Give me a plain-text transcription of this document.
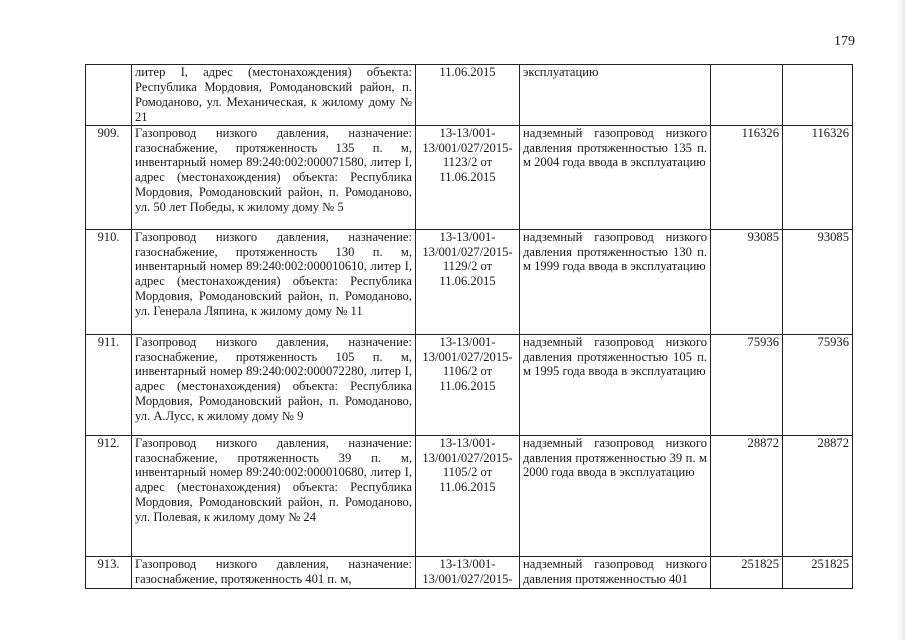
179
	литер I, адрес (местонахождения) объекта: Республика Мордовия, Ромодановский район, п. Ромоданово, ул. Механическая, к жилому дому № 21	11.06.2015	эксплуатацию		
909.	Газопровод низкого давления, назначение: газоснабжение, протяженность 135 п. м, инвентарный номер 89:240:002:000071580, литер I, адрес (местонахождения) объекта: Республика Мордовия, Ромодановский район, п. Ромоданово, ул. 50 лет Победы, к жилому дому № 5	13-13/001-13/001/027/2015-1123/2 от 11.06.2015	надземный газопровод низкого давления протяженностью 135 п. м 2004 года ввода в эксплуатацию	116326	116326
910.	Газопровод низкого давления, назначение: газоснабжение, протяженность 130 п. м, инвентарный номер 89:240:002:000010610, литер I, адрес (местонахождения) объекта: Республика Мордовия, Ромодановский район, п. Ромоданово, ул. Генерала Ляпина, к жилому дому № 11	13-13/001-13/001/027/2015-1129/2 от 11.06.2015	надземный газопровод низкого давления протяженностью 130 п. м 1999 года ввода в эксплуатацию	93085	93085
911.	Газопровод низкого давления, назначение: газоснабжение, протяженность 105 п. м, инвентарный номер 89:240:002:000072280, литер I, адрес (местонахождения) объекта: Республика Мордовия, Ромодановский район, п. Ромоданово, ул. А.Лусс, к жилому дому № 9	13-13/001-13/001/027/2015-1106/2 от 11.06.2015	надземный газопровод низкого давления протяженностью 105 п. м 1995 года ввода в эксплуатацию	75936	75936
912.	Газопровод низкого давления, назначение: газоснабжение, протяженность 39 п. м, инвентарный номер 89:240:002:000010680, литер I, адрес (местонахождения) объекта: Республика Мордовия, Ромодановский район, п. Ромоданово, ул. Полевая, к жилому дому № 24	13-13/001-13/001/027/2015-1105/2 от 11.06.2015	надземный газопровод низкого давления протяженностью 39 п. м 2000 года ввода в эксплуатацию	28872	28872
913.	Газопровод низкого давления, назначение: газоснабжение, протяженность 401 п. м,	13-13/001-13/001/027/2015-	надземный газопровод низкого давления протяженностью 401	251825	251825
